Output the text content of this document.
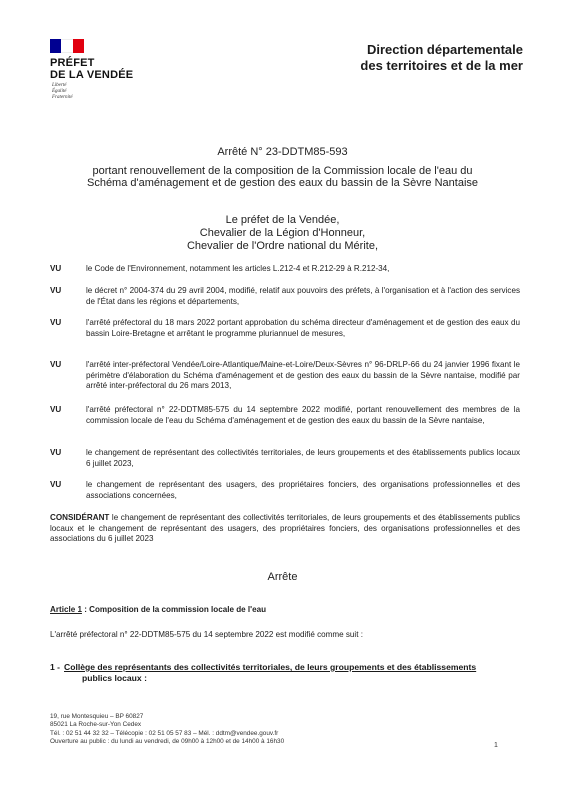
PRÉFET
DE LA VENDÉE
Liberté
Égalité
Fraternité
Direction départementale
des territoires et de la mer
Arrêté N° 23-DDTM85-593
portant renouvellement de la composition de la Commission locale de l'eau du
Schéma d'aménagement et de gestion des eaux du bassin de la Sèvre Nantaise
Le préfet de la Vendée,
Chevalier de la Légion d'Honneur,
Chevalier de l'Ordre national du Mérite,
VU	le Code de l'Environnement, notamment les articles L.212-4 et R.212-29 à R.212-34,
VU	le décret n° 2004-374 du 29 avril 2004, modifié, relatif aux pouvoirs des préfets, à l'organisation et à l'action des services de l'État dans les régions et départements,
VU	l'arrêté préfectoral du 18 mars 2022 portant approbation du schéma directeur d'aménagement et de gestion des eaux du bassin Loire-Bretagne et arrêtant le programme pluriannuel de mesures,
VU	l'arrêté inter-préfectoral Vendée/Loire-Atlantique/Maine-et-Loire/Deux-Sèvres n° 96-DRLP-66 du 24 janvier 1996 fixant le périmètre d'élaboration du Schéma d'aménagement et de gestion des eaux du bassin de la Sèvre nantaise, modifié par arrêté inter-préfectoral du 26 mars 2013,
VU	l'arrêté préfectoral n° 22-DDTM85-575 du 14 septembre 2022 modifié, portant renouvellement des membres de la commission locale de l'eau du Schéma d'aménagement et de gestion des eaux du bassin de la Sèvre nantaise,
VU	le changement de représentant des collectivités territoriales, de leurs groupements et des établissements publics locaux 6 juillet 2023,
VU	le changement de représentant des usagers, des propriétaires fonciers, des organisations professionnelles et des associations concernées,
CONSIDÉRANT le changement de représentant des collectivités territoriales, de leurs groupements et des établissements publics locaux et le changement de représentant des usagers, des propriétaires fonciers, des organisations professionnelles et des associations du 6 juillet 2023
Arrête
Article 1 : Composition de la commission locale de l'eau
L'arrêté préfectoral n° 22-DDTM85-575 du 14 septembre 2022 est modifié comme suit :
1 - Collège des représentants des collectivités territoriales, de leurs groupements et des établissements
publics locaux :
19, rue Montesquieu – BP 60827
85021 La Roche-sur-Yon Cedex
Tél. : 02 51 44 32 32 – Télécopie : 02 51 05 57 83 – Mél. : ddtm@vendee.gouv.fr
Ouverture au public : du lundi au vendredi, de 09h00 à 12h00 et de 14h00 à 16h30
1
